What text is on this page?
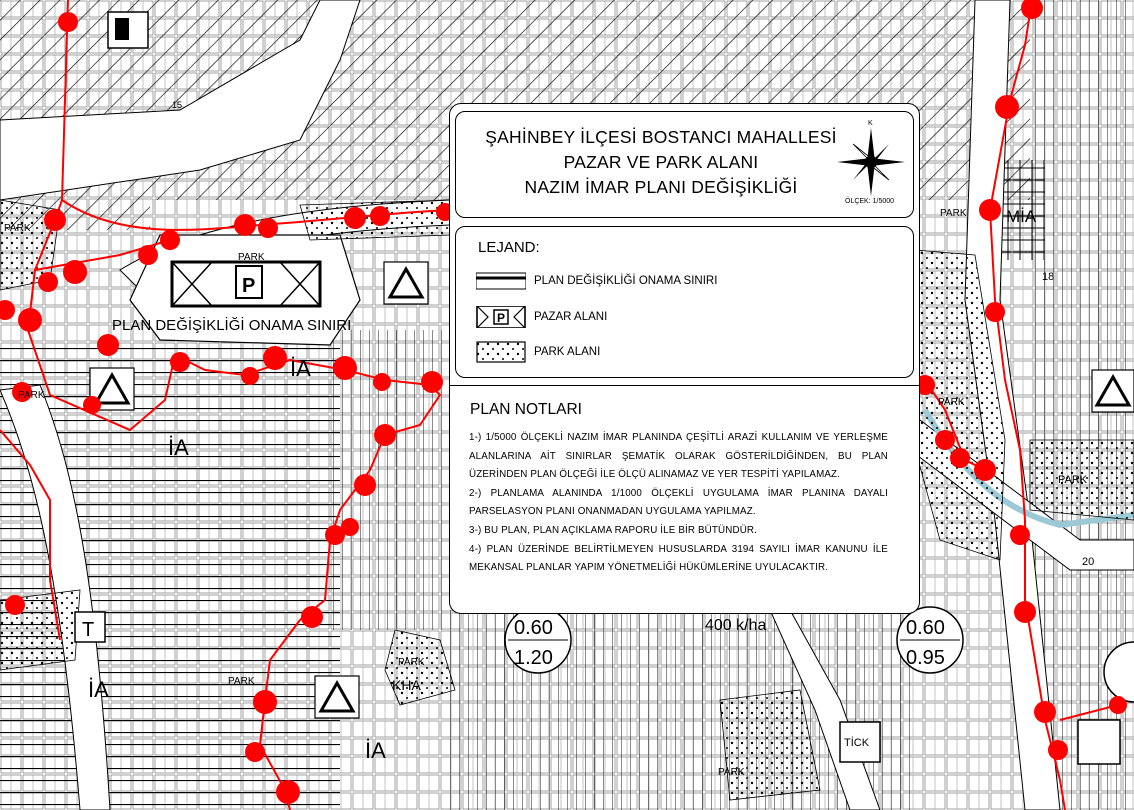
P
PLAN DEĞİŞİKLİĞİ ONAMA SINIRI
PARK
PARK
PARK
PARK
PARK
PARK
PARK
PARK
PARK
İA
İA
İA
İA
MİA
KHA
TİCK
T	400 k/ha
0.60
1.20
0.60
0.95
18
20
15
ŞAHİNBEY İLÇESİ BOSTANCI MAHALLESİ
PAZAR VE PARK ALANI
NAZIM İMAR PLANI DEĞİŞİKLİĞİ
K
ÖLÇEK: 1/5000
LEJAND:
PLAN DEĞİŞİKLİĞİ ONAMA SINIRI
P	PAZAR ALANI
PARK ALANI
PLAN NOTLARI

1-) 1/5000 ÖLÇEKLİ NAZIM İMAR PLANINDA ÇEŞİTLİ ARAZİ KULLANIM VE YERLEŞME ALANLARINA AİT SINIRLAR ŞEMATİK OLARAK GÖSTERİLDİĞİNDEN, BU PLAN ÜZERİNDEN PLAN ÖLÇEĞİ İLE ÖLÇÜ ALINAMAZ VE YER TESPİTİ YAPILAMAZ.

2-) PLANLAMA ALANINDA 1/1000 ÖLÇEKLİ UYGULAMA İMAR PLANINA DAYALI PARSELASYON PLANI ONANMADAN UYGULAMA YAPILMAZ.

3-) BU PLAN, PLAN AÇIKLAMA RAPORU İLE BİR BÜTÜNDÜR.

4-) PLAN ÜZERİNDE BELİRTİLMEYEN HUSUSLARDA 3194 SAYILI İMAR KANUNU İLE MEKANSAL PLANLAR YAPIM YÖNETMELİĞİ HÜKÜMLERİNE UYULACAKTIR.
